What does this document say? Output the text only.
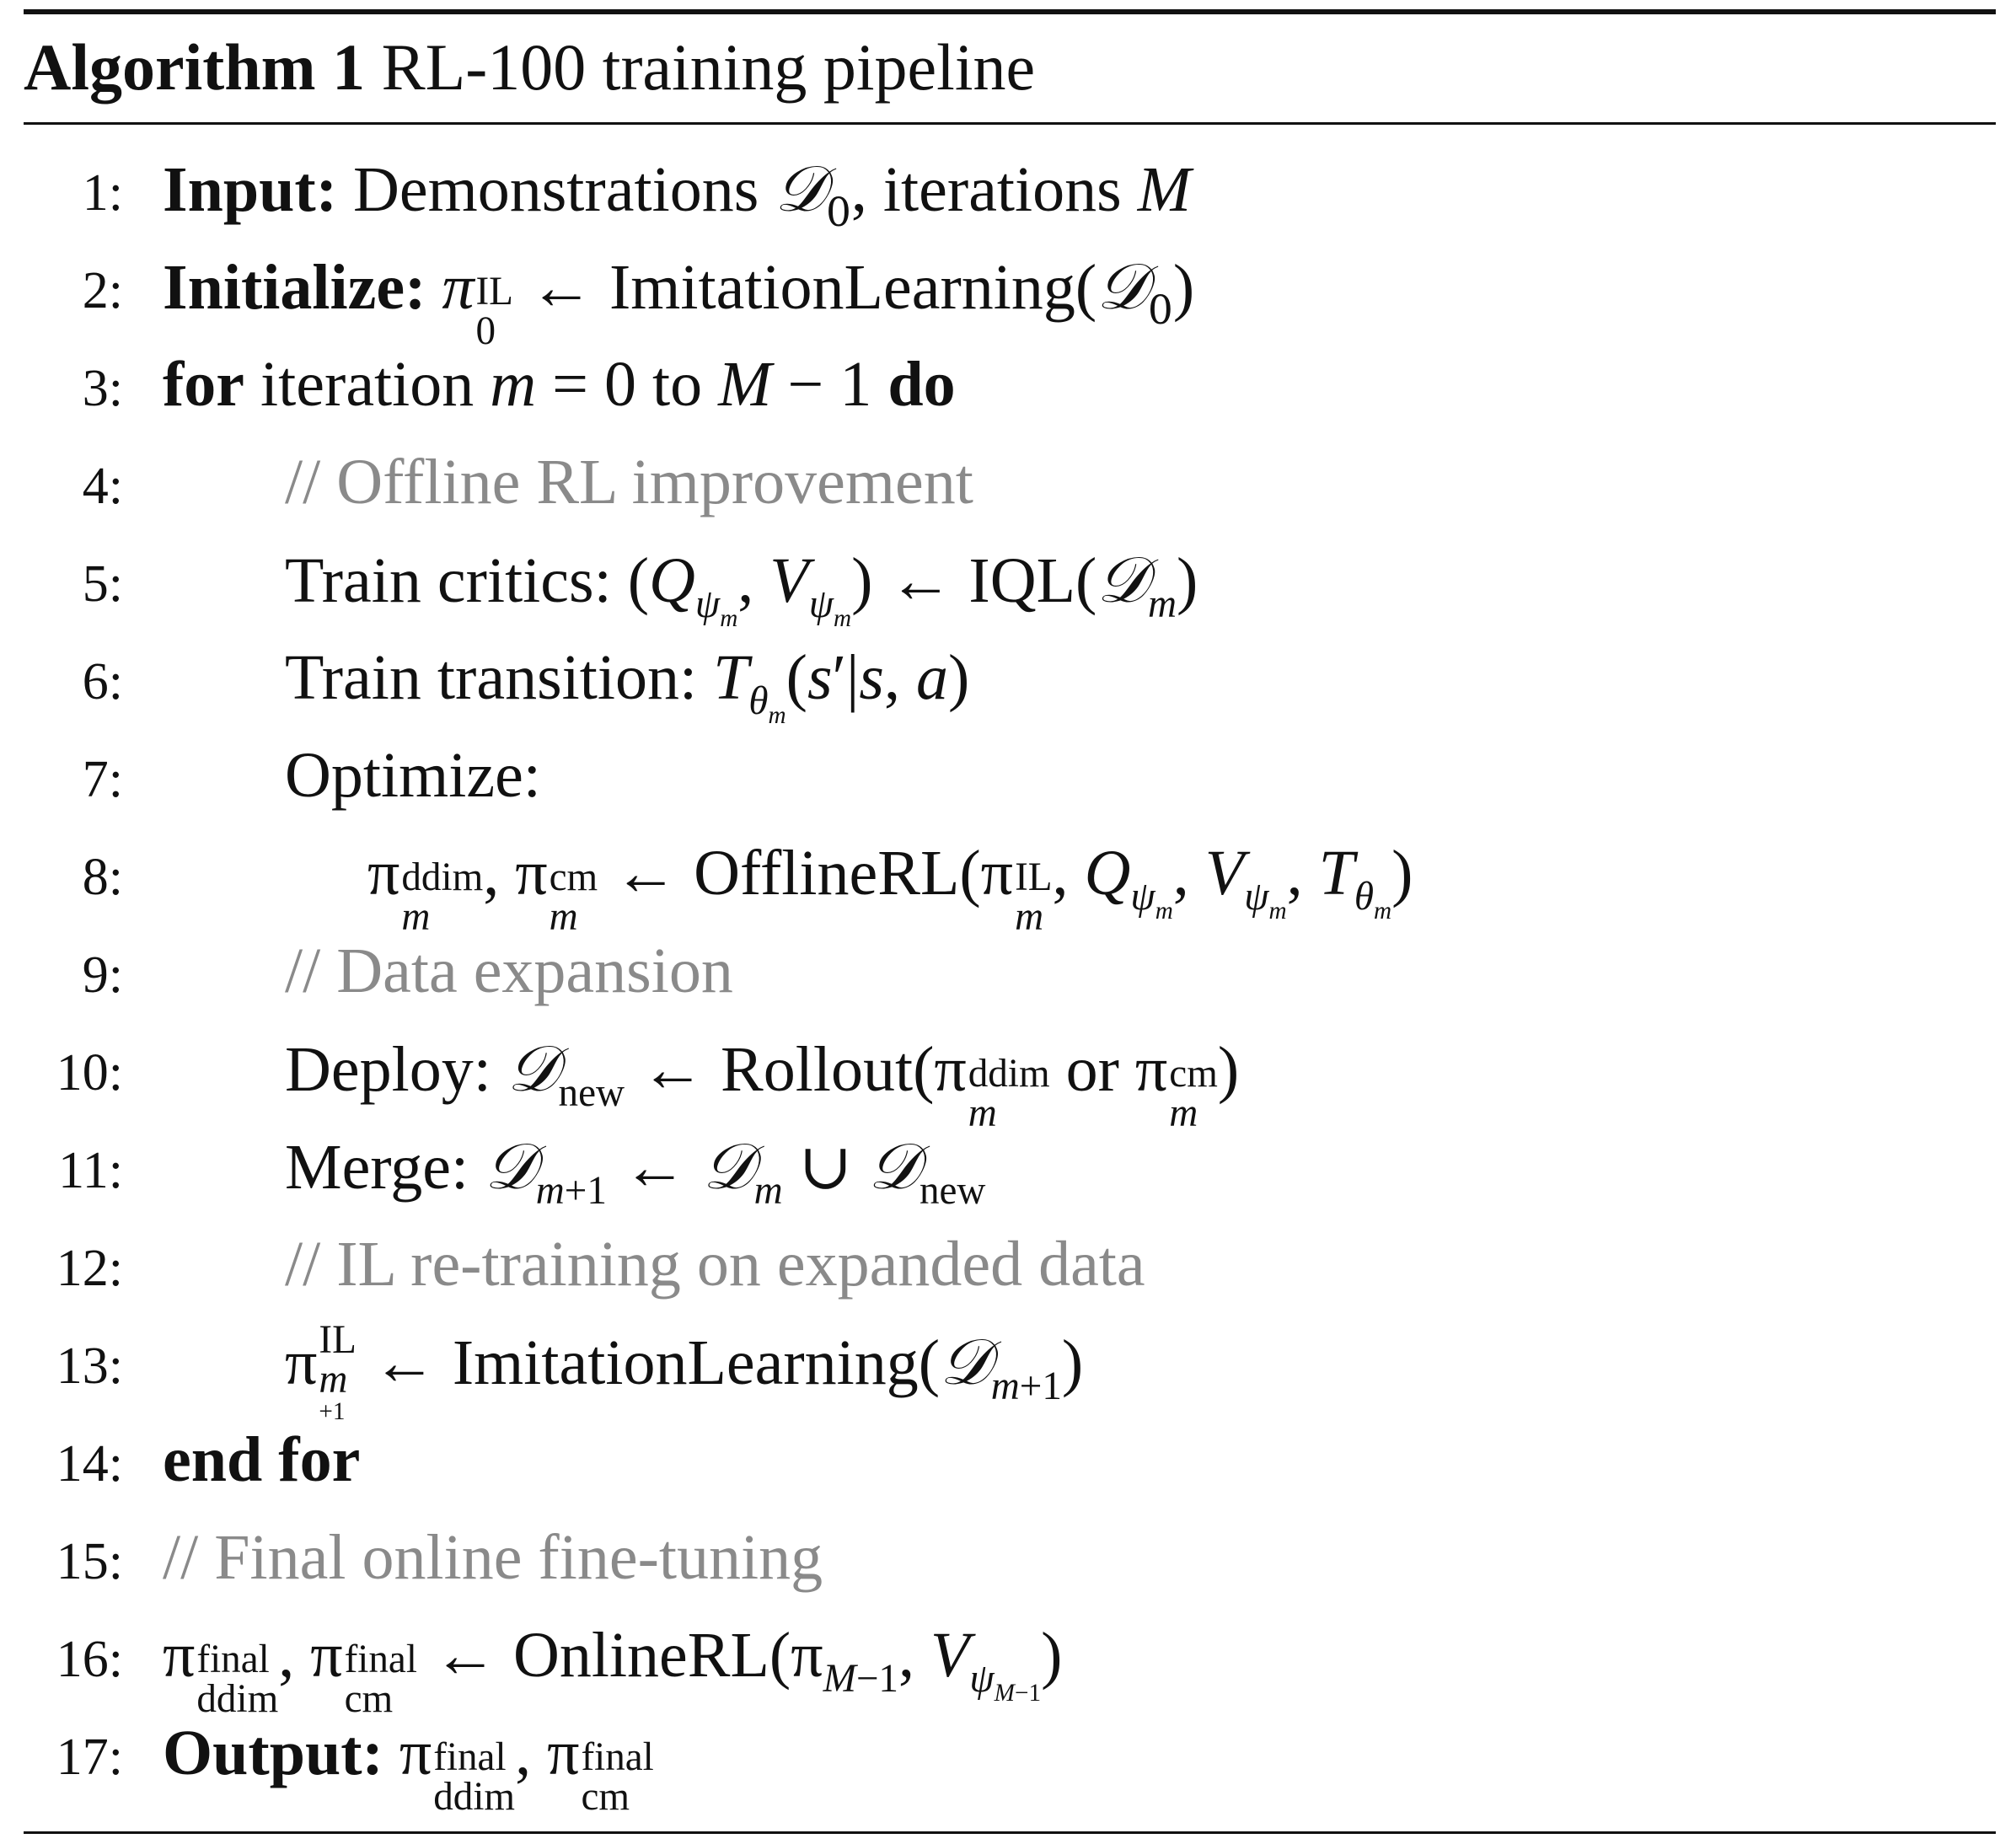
Algorithm 1 RL-100 training pipeline
1: Input: Demonstrations 𝒟$_0$, iterations M
2: Initialize: π IL
0
← ImitationLearning(𝒟$_0$)
3: for iteration m = 0 to M − 1 do
4:	// Offline RL improvement
5:	Train critics: ($Q_{\psi_m}$, $V_{\psi_m}$) ← IQL(𝒟$_m$)
6:	Train transition: $T_{\theta_m}(s'|s$, a)
7:	Optimize:
8:	π ddim
m
, π cm
m
← OfflineRL(π IL
m
, $Q_{\psi_m}$, $V_{\psi_m}$, $T_{\theta_m}$)
9:	// Data expansion
10:	Deploy: 𝒟$_{new}$ ← Rollout(π ddim
m
or π cm
m
)
11:	Merge: 𝒟$_{m+1}$ ← 𝒟$_m$ ∪ 𝒟$_{new}$
12:	// IL re-training on expanded data
13:	π IL
m
+1
← ImitationLearning(𝒟$_{m+1}$)
14: end for
15: // Final online fine-tuning
16: π final
ddim
, π final
cm
← $OnlineRL(\pi_{M-1}$, $V_{\psi_{M-1}}$)
17: Output: π final
ddim
, π final
cm
